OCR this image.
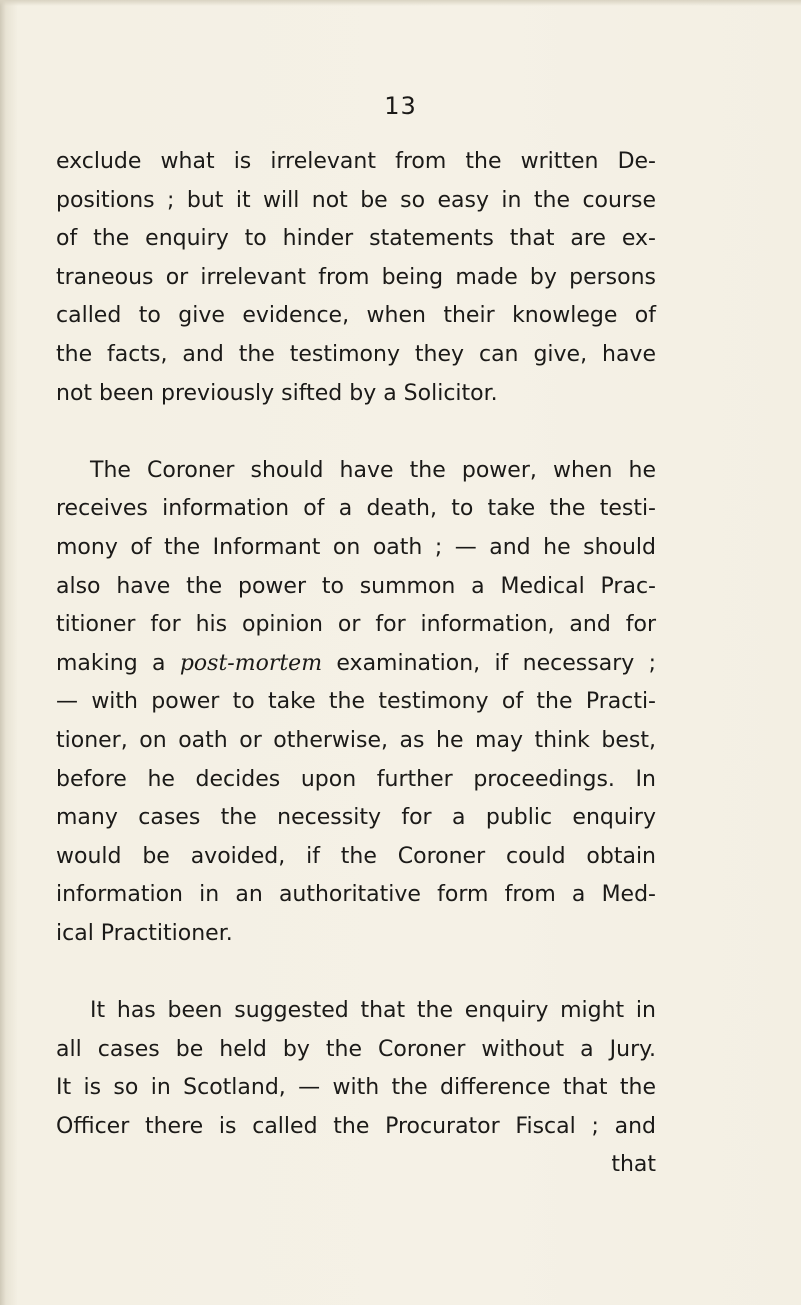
13
exclude what is irrelevant from the written De-
positions ; but it will not be so easy in the course
of the enquiry to hinder statements that are ex-
traneous or irrelevant from being made by persons
called to give evidence, when their knowlege of
the facts, and the testimony they can give, have
not been previously sifted by a Solicitor.
The Coroner should have the power, when he
receives information of a death, to take the testi-
mony of the Informant on oath ; — and he should
also have the power to summon a Medical Prac-
titioner for his opinion or for information, and for
making a post-mortem examination, if necessary ;
— with power to take the testimony of the Practi-
tioner, on oath or otherwise, as he may think best,
before he decides upon further proceedings. In
many cases the necessity for a public enquiry
would be avoided, if the Coroner could obtain
information in an authoritative form from a Med-
ical Practitioner.
It has been suggested that the enquiry might in
all cases be held by the Coroner without a Jury.
It is so in Scotland, — with the difference that the
Officer there is called the Procurator Fiscal ; and
that
